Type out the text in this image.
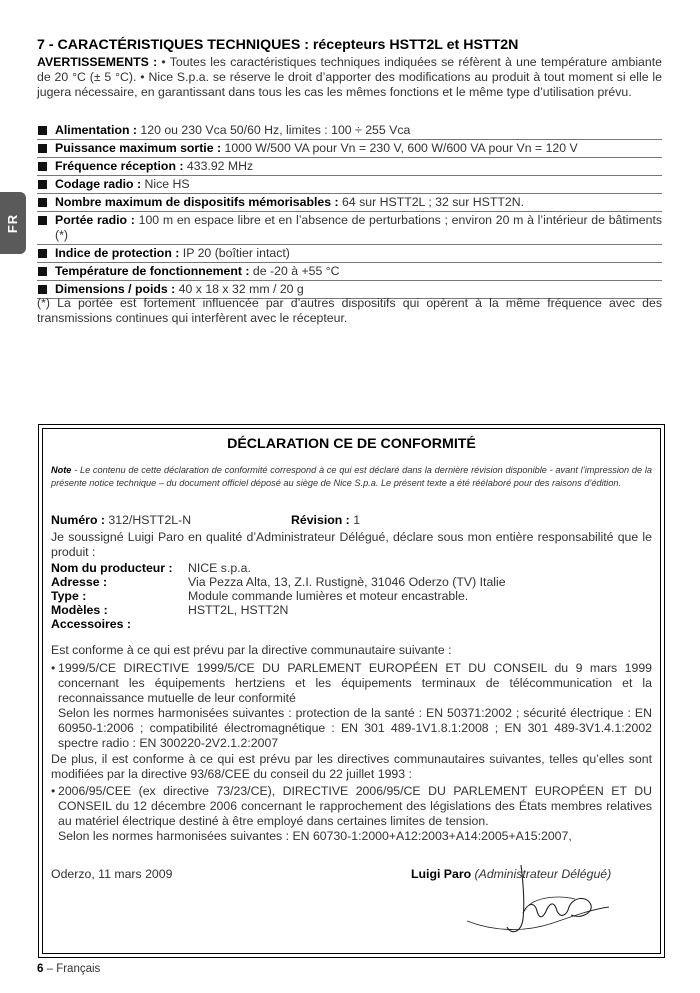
FR
7 - CARACTÉRISTIQUES TECHNIQUES : récepteurs HSTT2L et HSTT2N
AVERTISSEMENTS : • Toutes les caractéristiques techniques indiquées se réfèrent à une température ambiante de 20 °C (± 5 °C). • Nice S.p.a. se réserve le droit d’apporter des modifications au produit à tout moment si elle le jugera nécessaire, en garantissant dans tous les cas les mêmes fonctions et le même type d’utilisation prévu.
Alimentation : 120 ou 230 Vca 50/60 Hz, limites : 100 ÷ 255 Vca
Puissance maximum sortie : 1000 W/500 VA pour Vn = 230 V, 600 W/600 VA pour Vn = 120 V
Fréquence réception : 433.92 MHz
Codage radio : Nice HS
Nombre maximum de dispositifs mémorisables : 64 sur HSTT2L ; 32 sur HSTT2N.
Portée radio : 100 m en espace libre et en l’absence de perturbations ; environ 20 m à l’intérieur de bâtiments (*)
Indice de protection : IP 20 (boîtier intact)
Température de fonctionnement : de -20 à +55 °C
Dimensions / poids : 40 x 18 x 32 mm / 20 g
(*) La portée est fortement influencée par d’autres dispositifs qui opèrent à la même fréquence avec des transmissions continues qui interfèrent avec le récepteur.
DÉCLARATION CE DE CONFORMITÉ
Note - Le contenu de cette déclaration de conformité correspond à ce qui est déclaré dans la dernière révision disponible - avant l’impression de la présente notice technique – du document officiel déposé au siège de Nice S.p.a. Le présent texte a été réélaboré pour des raisons d’édition.
Numéro : 312/HSTT2L-N	Révision : 1
Je soussigné Luigi Paro en qualité d’Administrateur Délégué, déclare sous mon entière responsabilité que le produit :
Nom du producteur : NICE s.p.a.
Adresse :	Via Pezza Alta, 13, Z.I. Rustignè, 31046 Oderzo (TV) Italie
Type :	Module commande lumières et moteur encastrable.
Modèles :	HSTT2L, HSTT2N
Accessoires :
Est conforme à ce qui est prévu par la directive communautaire suivante :
• 1999/5/CE DIRECTIVE 1999/5/CE DU PARLEMENT EUROPÉEN ET DU CONSEIL du 9 mars 1999 concernant les équipements hertziens et les équipements terminaux de télécommunication et la reconnaissance mutuelle de leur conformité
Selon les normes harmonisées suivantes : protection de la santé : EN 50371:2002 ; sécurité électrique : EN 60950-1:2006 ; compatibilité électromagnétique : EN 301 489-1V1.8.1:2008 ; EN 301 489-3V1.4.1:2002 spectre radio : EN 300220-2V2.1.2:2007
De plus, il est conforme à ce qui est prévu par les directives communautaires suivantes, telles qu’elles sont modifiées par la directive 93/68/CEE du conseil du 22 juillet 1993 :
• 2006/95/CEE (ex directive 73/23/CE), DIRECTIVE 2006/95/CE DU PARLEMENT EUROPÉEN ET DU CONSEIL du 12 décembre 2006 concernant le rapprochement des législations des États membres relatives au matériel électrique destiné à être employé dans certaines limites de tension.
Selon les normes harmonisées suivantes : EN 60730-1:2000+A12:2003+A14:2005+A15:2007,
Oderzo, 11 mars 2009	Luigi Paro (Administrateur Délégué)
6 – Français
